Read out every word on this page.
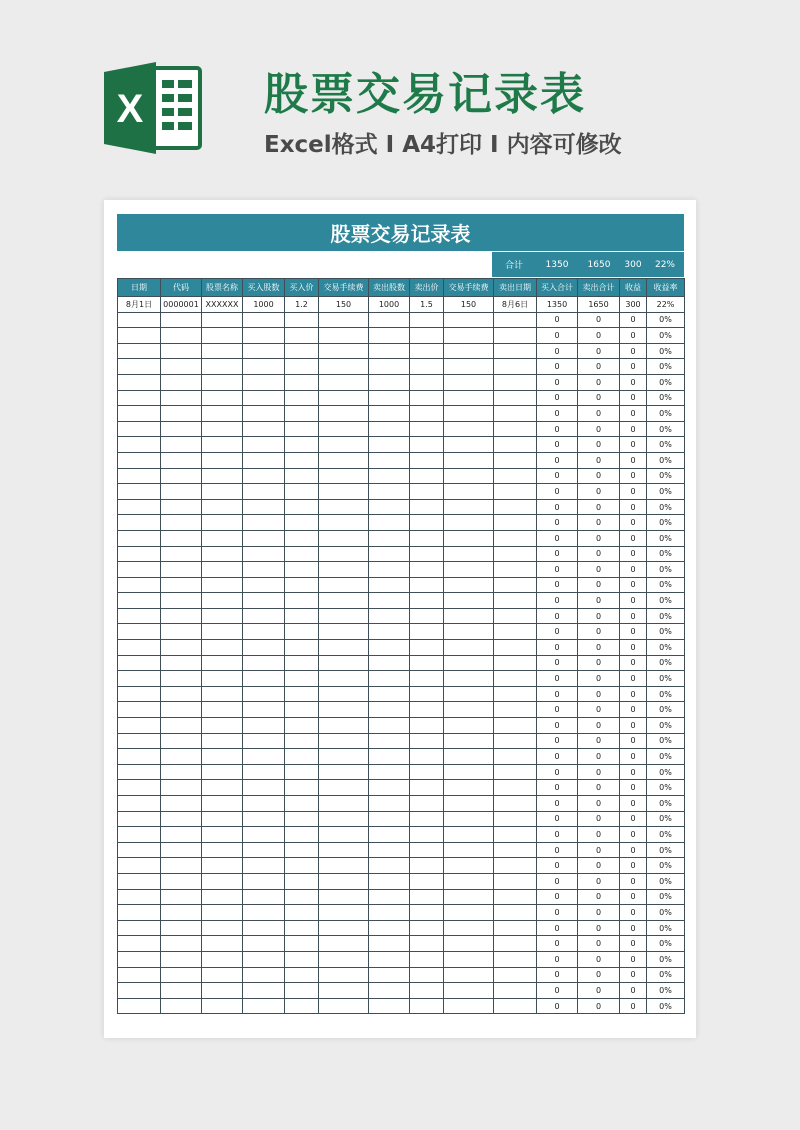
X	股票交易记录表
Excel格式 I A4打印 I 内容可修改
股票交易记录表
合计	1350	1650	300	22%
日期	代码	股票名称	买入股数	买入价	交易手续费	卖出股数	卖出价	交易手续费	卖出日期	买入合计	卖出合计	收益	收益率
8月1日	0000001	XXXXXX	1000	1.2	150	1000	1.5	150	8月6日	1350	1650	300	22%
										0	0	0	0%
										0	0	0	0%
										0	0	0	0%
										0	0	0	0%
										0	0	0	0%
										0	0	0	0%
										0	0	0	0%
										0	0	0	0%
										0	0	0	0%
										0	0	0	0%
										0	0	0	0%
										0	0	0	0%
										0	0	0	0%
										0	0	0	0%
										0	0	0	0%
										0	0	0	0%
										0	0	0	0%
										0	0	0	0%
										0	0	0	0%
										0	0	0	0%
										0	0	0	0%
										0	0	0	0%
										0	0	0	0%
										0	0	0	0%
										0	0	0	0%
										0	0	0	0%
										0	0	0	0%
										0	0	0	0%
										0	0	0	0%
										0	0	0	0%
										0	0	0	0%
										0	0	0	0%
										0	0	0	0%
										0	0	0	0%
										0	0	0	0%
										0	0	0	0%
										0	0	0	0%
										0	0	0	0%
										0	0	0	0%
										0	0	0	0%
										0	0	0	0%
										0	0	0	0%
										0	0	0	0%
										0	0	0	0%
										0	0	0	0%
